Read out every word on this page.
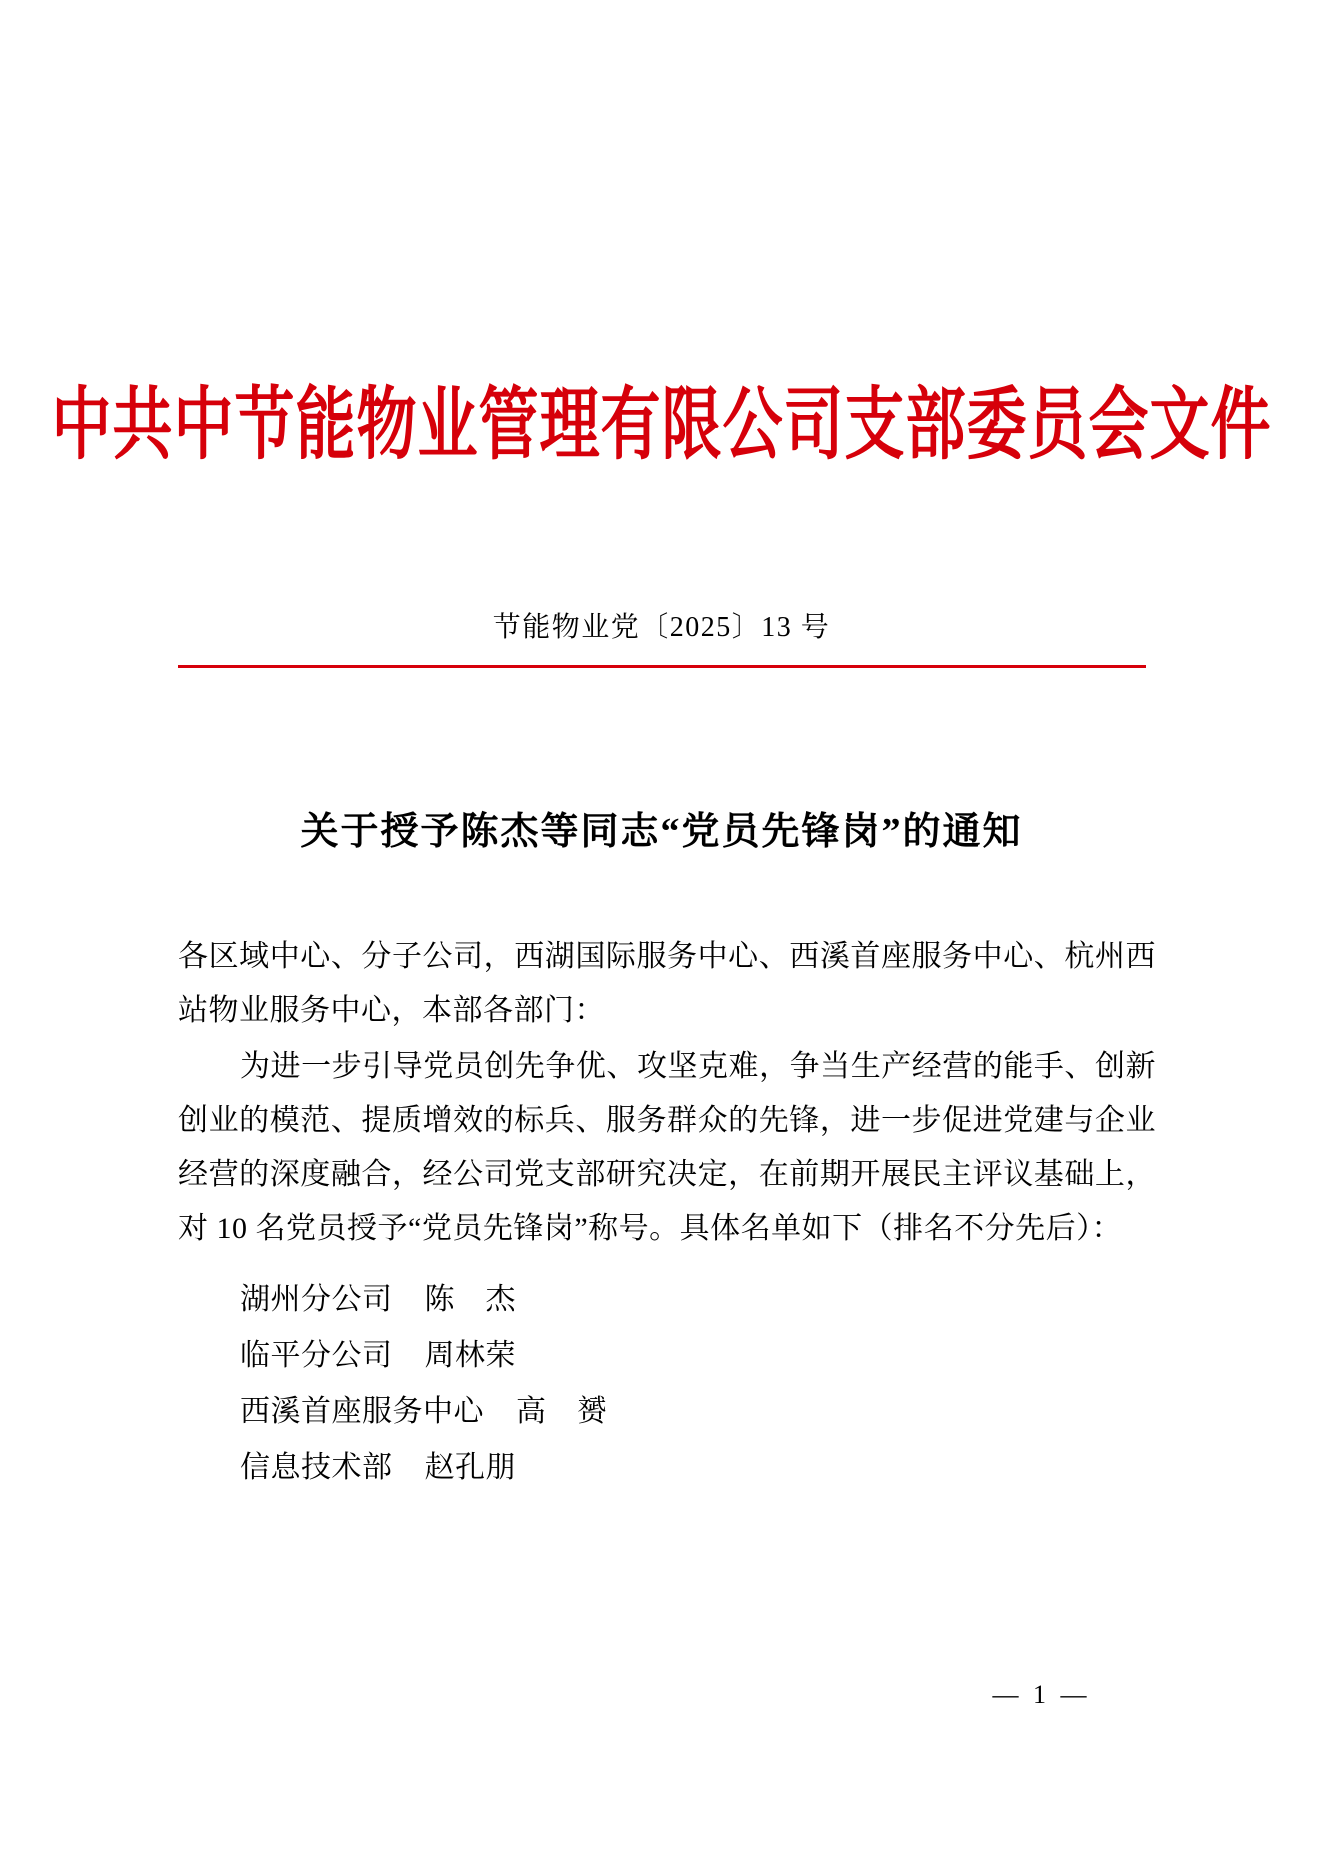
中共中节能物业管理有限公司支部委员会文件
节能物业党〔2025〕13 号
关于授予陈杰等同志“党员先锋岗”的通知

各区域中心、分子公司，西湖国际服务中心、西溪首座服务中心、杭州西站物业服务中心，本部各部门：

为进一步引导党员创先争优、攻坚克难，争当生产经营的能手、创新创业的模范、提质增效的标兵、服务群众的先锋，进一步促进党建与企业经营的深度融合，经公司党支部研究决定，在前期开展民主评议基础上，对 10 名党员授予“党员先锋岗”称号。具体名单如下（排名不分先后）：

湖州分公司    陈　杰
临平分公司    周林荣
西溪首座服务中心    高　赟
信息技术部    赵孔朋
— 1 —
